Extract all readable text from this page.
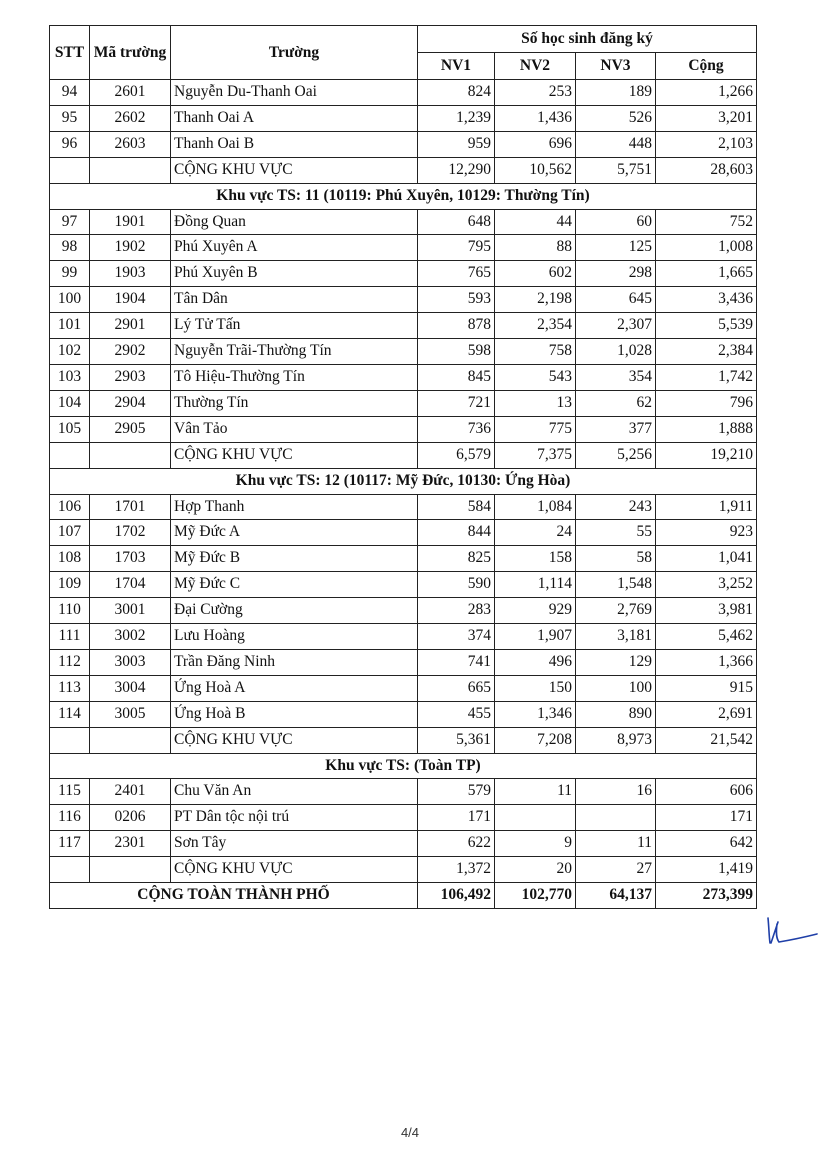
STT	Mã trường	Trường	Số học sinh đăng ký			
			NV1	NV2	NV3	Cộng
94	2601	Nguyễn Du-Thanh Oai	824	253	189	1,266
95	2602	Thanh Oai A	1,239	1,436	526	3,201
96	2603	Thanh Oai B	959	696	448	2,103
		CỘNG KHU VỰC	12,290	10,562	5,751	28,603
Khu vực TS: 11 (10119: Phú Xuyên, 10129: Thường Tín)						
97	1901	Đồng Quan	648	44	60	752
98	1902	Phú Xuyên A	795	88	125	1,008
99	1903	Phú Xuyên B	765	602	298	1,665
100	1904	Tân Dân	593	2,198	645	3,436
101	2901	Lý Tử Tấn	878	2,354	2,307	5,539
102	2902	Nguyễn Trãi-Thường Tín	598	758	1,028	2,384
103	2903	Tô Hiệu-Thường Tín	845	543	354	1,742
104	2904	Thường Tín	721	13	62	796
105	2905	Vân Tảo	736	775	377	1,888
		CỘNG KHU VỰC	6,579	7,375	5,256	19,210
Khu vực TS: 12 (10117: Mỹ Đức, 10130: Ứng Hòa)						
106	1701	Hợp Thanh	584	1,084	243	1,911
107	1702	Mỹ Đức A	844	24	55	923
108	1703	Mỹ Đức B	825	158	58	1,041
109	1704	Mỹ Đức C	590	1,114	1,548	3,252
110	3001	Đại Cường	283	929	2,769	3,981
111	3002	Lưu Hoàng	374	1,907	3,181	5,462
112	3003	Trần Đăng Ninh	741	496	129	1,366
113	3004	Ứng Hoà A	665	150	100	915
114	3005	Ứng Hoà B	455	1,346	890	2,691
		CỘNG KHU VỰC	5,361	7,208	8,973	21,542
Khu vực TS: (Toàn TP)						
115	2401	Chu Văn An	579	11	16	606
116	0206	PT Dân tộc nội trú	171			171
117	2301	Sơn Tây	622	9	11	642
		CỘNG KHU VỰC	1,372	20	27	1,419
CỘNG TOÀN THÀNH PHỐ			106,492	102,770	64,137	273,399
4/4
